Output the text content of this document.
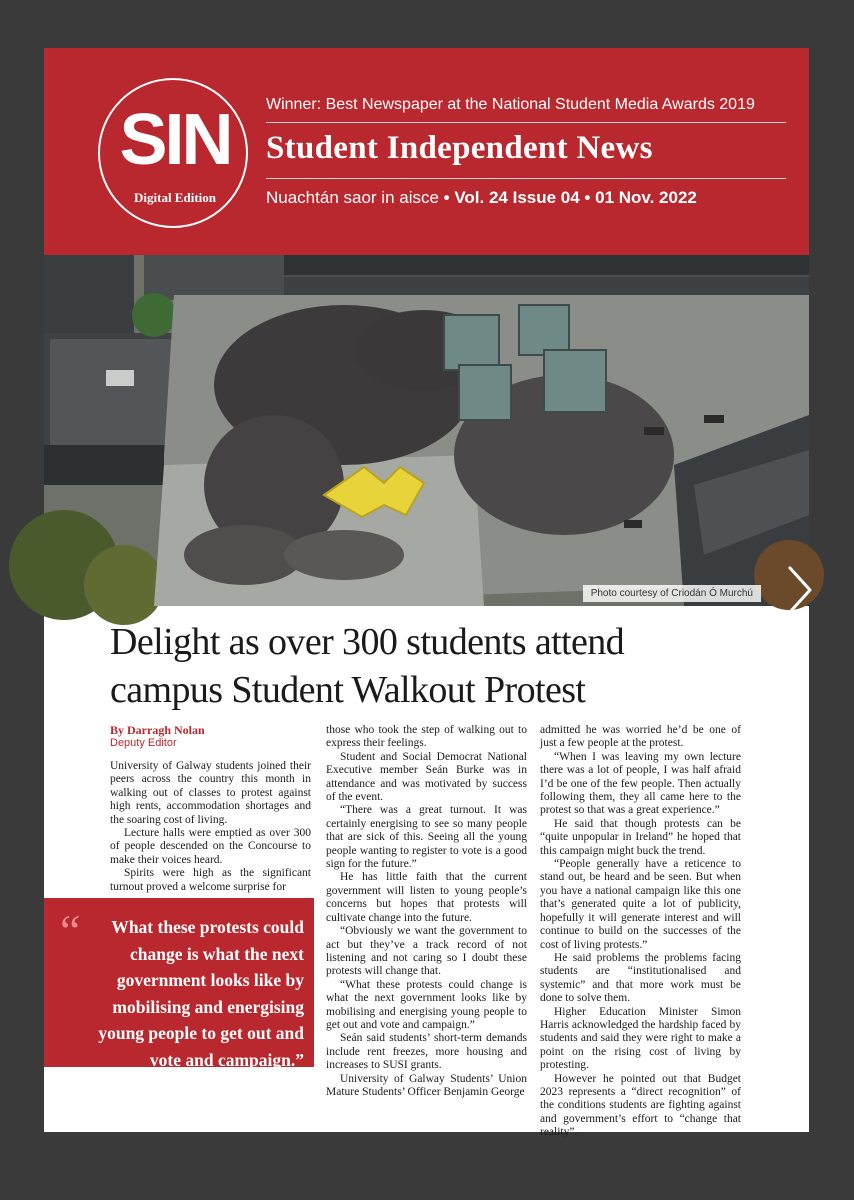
SIN
Digital Edition
Winner: Best Newspaper at the National Student Media Awards 2019
Student Independent News
Nuachtán saor in aisce • Vol. 24 Issue 04 • 01 Nov. 2022
Photo courtesy of Criodán Ó Murchú
Delight as over 300 students attend
campus Student Walkout Protest
By Darragh Nolan
Deputy Editor

University of Galway students joined their peers across the country this month in walking out of classes to protest against high rents, accommodation shortages and the soaring cost of living.

Lecture halls were emptied as over 300 of people descended on the Concourse to make their voices heard.

Spirits were high as the significant turnout proved a welcome surprise for

those who took the step of walking out to express their feelings.

Student and Social Democrat National Executive member Seán Burke was in attendance and was motivated by success of the event.

“There was a great turnout. It was certainly energising to see so many people that are sick of this. Seeing all the young people wanting to register to vote is a good sign for the future.”

He has little faith that the current government will listen to young people’s concerns but hopes that protests will cultivate change into the future.

“Obviously we want the government to act but they’ve a track record of not listening and not caring so I doubt these protests will change that.

“What these protests could change is what the next government looks like by mobilising and energising young people to get out and vote and campaign.”

Seán said students’ short-term demands include rent freezes, more housing and increases to SUSI grants.

University of Galway Students’ Union Mature Students’ Officer Benjamin George

admitted he was worried he’d be one of just a few people at the protest.

“When I was leaving my own lecture there was a lot of people, I was half afraid I’d be one of the few people. Then actually following them, they all came here to the protest so that was a great experience.”

He said that though protests can be “quite unpopular in Ireland” he hoped that this campaign might buck the trend.

“People generally have a reticence to stand out, be heard and be seen. But when you have a national campaign like this one that’s generated quite a lot of publicity, hopefully it will generate interest and will continue to build on the successes of the cost of living protests.”

He said problems the problems facing students are “institutionalised and systemic” and that more work must be done to solve them.

Higher Education Minister Simon Harris acknowledged the hardship faced by students and said they were right to make a point on the rising cost of living by protesting.

However he pointed out that Budget 2023 represents a “direct recognition” of the conditions students are fighting against and government’s effort to “change that reality”.

“	What these protests could change is what the next government looks like by mobilising and energising young people to get out and vote and campaign.”
